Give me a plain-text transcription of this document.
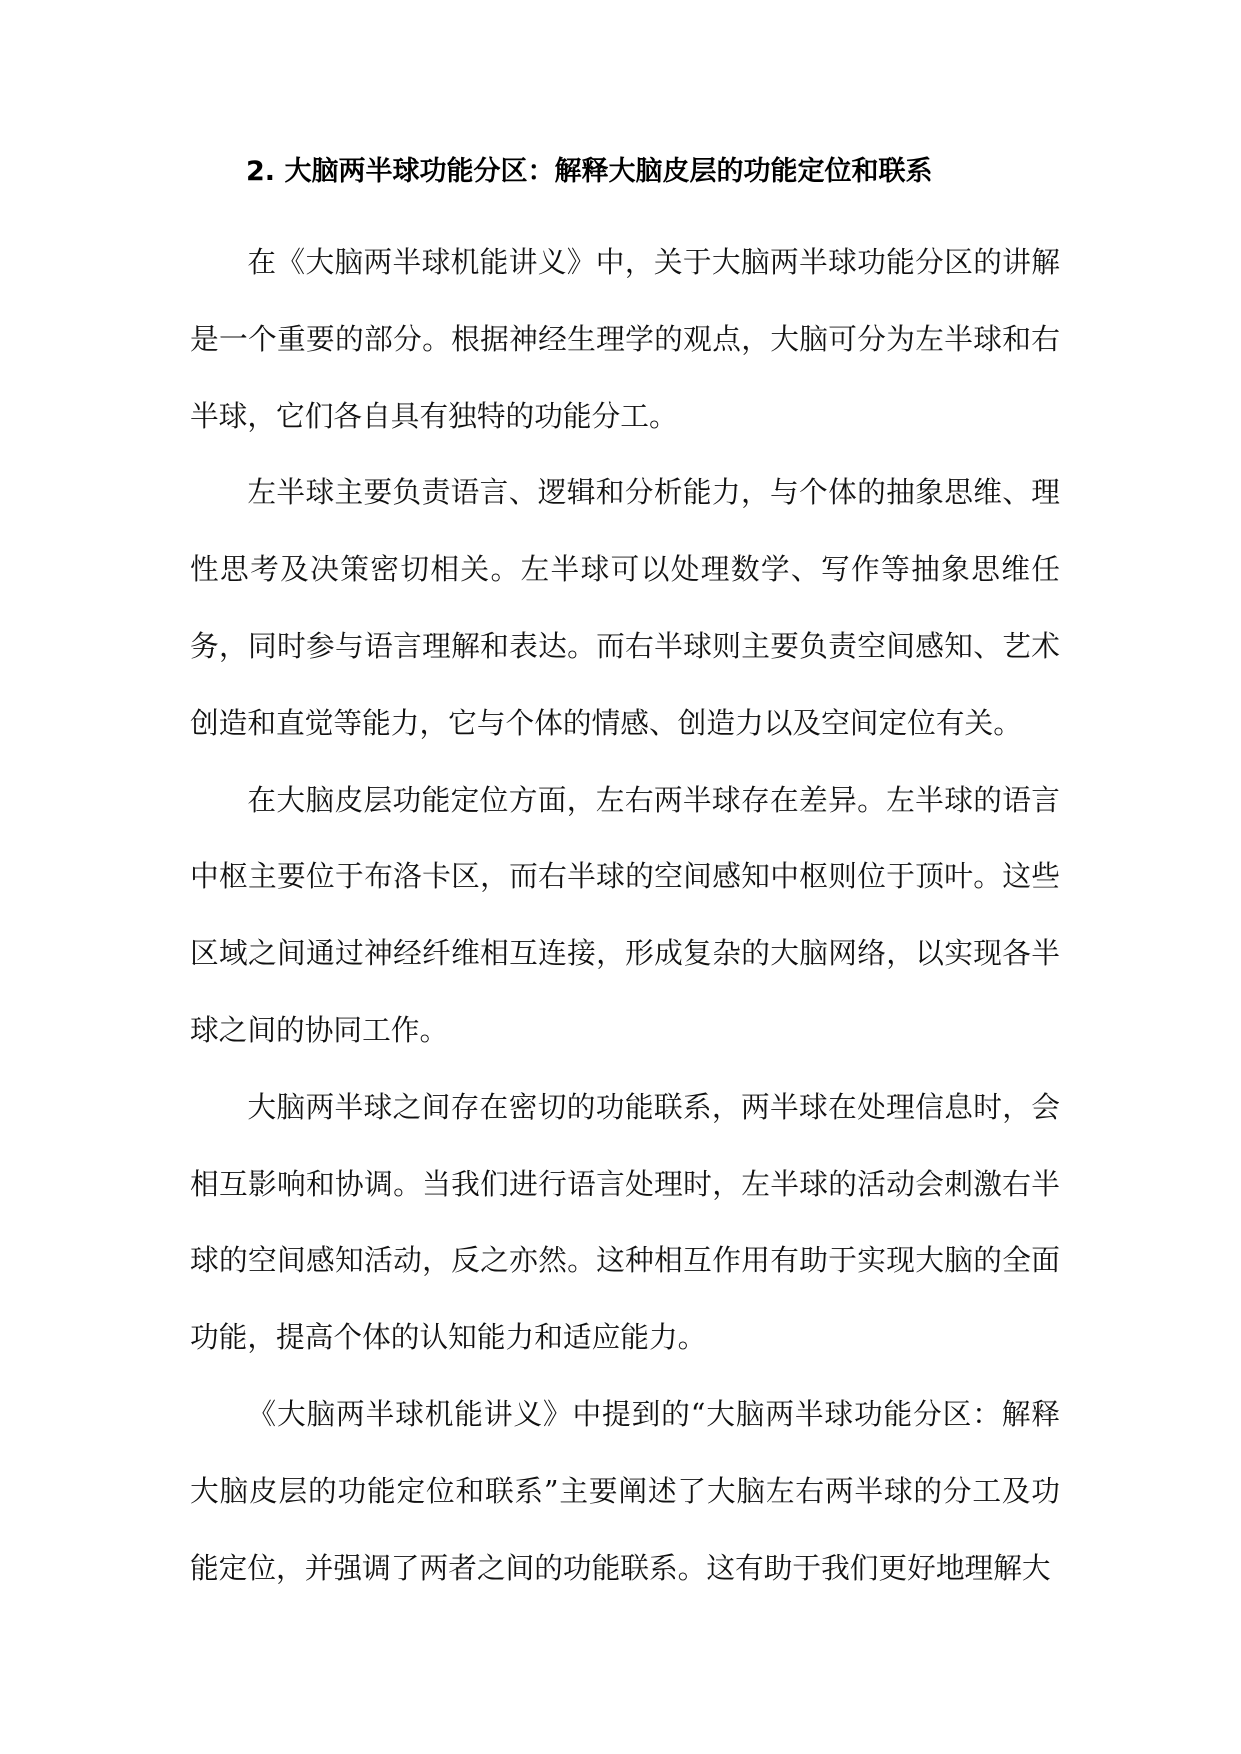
2. 大脑两半球功能分区：解释大脑皮层的功能定位和联系

在《大脑两半球机能讲义》中，关于大脑两半球功能分区的讲解是一个重要的部分。根据神经生理学的观点，大脑可分为左半球和右半球，它们各自具有独特的功能分工。

左半球主要负责语言、逻辑和分析能力，与个体的抽象思维、理性思考及决策密切相关。左半球可以处理数学、写作等抽象思维任务，同时参与语言理解和表达。而右半球则主要负责空间感知、艺术创造和直觉等能力，它与个体的情感、创造力以及空间定位有关。

在大脑皮层功能定位方面，左右两半球存在差异。左半球的语言中枢主要位于布洛卡区，而右半球的空间感知中枢则位于顶叶。这些区域之间通过神经纤维相互连接，形成复杂的大脑网络，以实现各半球之间的协同工作。

大脑两半球之间存在密切的功能联系，两半球在处理信息时，会相互影响和协调。当我们进行语言处理时，左半球的活动会刺激右半球的空间感知活动，反之亦然。这种相互作用有助于实现大脑的全面功能，提高个体的认知能力和适应能力。

《大脑两半球机能讲义》中提到的“大脑两半球功能分区：解释大脑皮层的功能定位和联系”主要阐述了大脑左右两半球的分工及功能定位，并强调了两者之间的功能联系。这有助于我们更好地理解大
